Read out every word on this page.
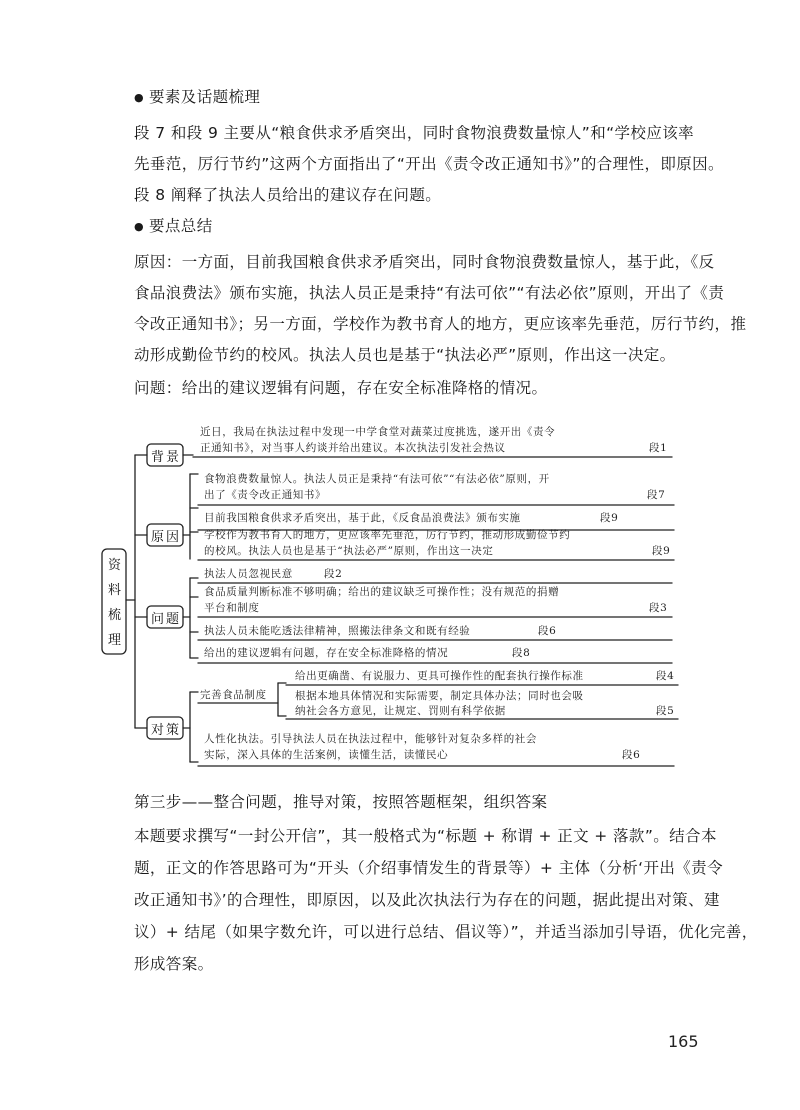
● 要素及话题梳理
段 7 和段 9 主要从“粮食供求矛盾突出，同时食物浪费数量惊人”和“学校应该率
先垂范，厉行节约”这两个方面指出了“开出《责令改正通知书》”的合理性，即原因。
段 8 阐释了执法人员给出的建议存在问题。
● 要点总结
原因：一方面，目前我国粮食供求矛盾突出，同时食物浪费数量惊人，基于此，《反
食品浪费法》颁布实施，执法人员正是秉持“有法可依”“有法必依”原则，开出了《责
令改正通知书》；另一方面，学校作为教书育人的地方，更应该率先垂范，厉行节约，推
动形成勤俭节约的校风。执法人员也是基于“执法必严”原则，作出这一决定。
问题：给出的建议逻辑有问题，存在安全标准降格的情况。
资料梳理
背景
原因
问题
对策
近日，我局在执法过程中发现一中学食堂对蔬菜过度挑选，遂开出《责令
正通知书》，对当事人约谈并给出建议。本次执法引发社会热议	段1
食物浪费数量惊人。执法人员正是秉持“有法可依”“有法必依”原则，开
出了《责令改正通知书》	段7
目前我国粮食供求矛盾突出，基于此，《反食品浪费法》颁布实施	段9
学校作为教书育人的地方，更应该率先垂范，厉行节约，推动形成勤俭节约
的校风。执法人员也是基于“执法必严”原则，作出这一决定	段9
执法人员忽视民意	段2
食品质量判断标准不够明确；给出的建议缺乏可操作性；没有规范的捐赠
平台和制度	段3
执法人员未能吃透法律精神，照搬法律条文和既有经验	段6
给出的建议逻辑有问题，存在安全标准降格的情况	段8
完善食品制度
给出更确凿、有说服力、更具可操作性的配套执行操作标准	段4
根据本地具体情况和实际需要，制定具体办法；同时也会吸
纳社会各方意见，让规定、罚则有科学依据	段5
人性化执法。引导执法人员在执法过程中，能够针对复杂多样的社会
实际，深入具体的生活案例，读懂生活，读懂民心	段6
第三步——整合问题，推导对策，按照答题框架，组织答案
本题要求撰写“一封公开信”，其一般格式为“标题 + 称谓 + 正文 + 落款”。结合本
题，正文的作答思路可为“开头（介绍事情发生的背景等）+ 主体（分析‘开出《责令
改正通知书》’的合理性，即原因，以及此次执法行为存在的问题，据此提出对策、建
议）+ 结尾（如果字数允许，可以进行总结、倡议等）”，并适当添加引导语，优化完善，
形成答案。
165
